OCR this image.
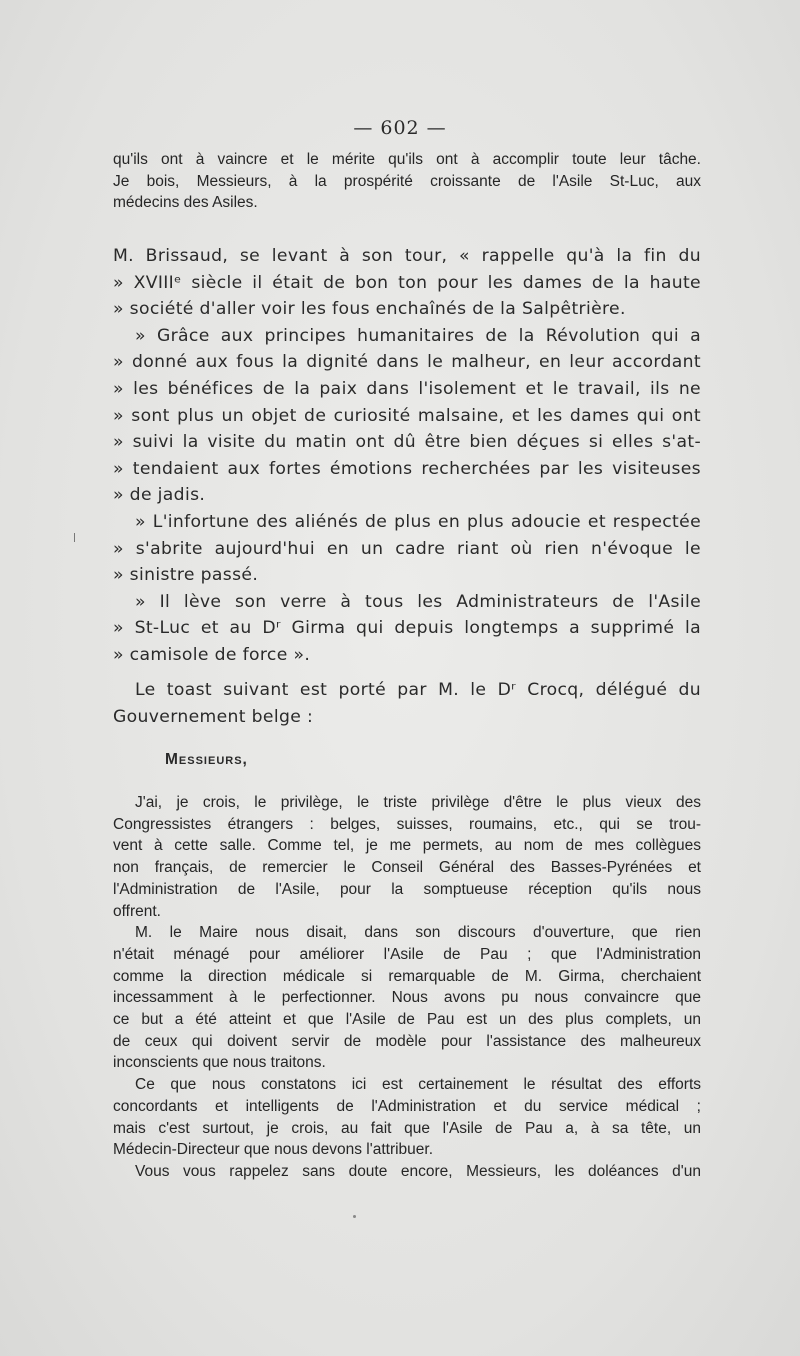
— 602 —
qu'ils ont à vaincre et le mérite qu'ils ont à accomplir toute leur tâche.
Je bois, Messieurs, à la prospérité croissante de l'Asile St-Luc, aux
médecins des Asiles.
M. Brissaud, se levant à son tour, « rappelle qu'à la fin du
» XVIIIᵉ siècle il était de bon ton pour les dames de la haute
» société d'aller voir les fous enchaînés de la Salpêtrière.
» Grâce aux principes humanitaires de la Révolution qui a
» donné aux fous la dignité dans le malheur, en leur accordant
» les bénéfices de la paix dans l'isolement et le travail, ils ne
» sont plus un objet de curiosité malsaine, et les dames qui ont
» suivi la visite du matin ont dû être bien déçues si elles s'at-
» tendaient aux fortes émotions recherchées par les visiteuses
» de jadis.
» L'infortune des aliénés de plus en plus adoucie et respectée
» s'abrite aujourd'hui en un cadre riant où rien n'évoque le
» sinistre passé.
» Il lève son verre à tous les Administrateurs de l'Asile
» St-Luc et au Dʳ Girma qui depuis longtemps a supprimé la
» camisole de force ».
Le toast suivant est porté par M. le Dʳ Crocq, délégué du
Gouvernement belge :
Messieurs,
J'ai, je crois, le privilège, le triste privilège d'être le plus vieux des
Congressistes étrangers : belges, suisses, roumains, etc., qui se trou-
vent à cette salle. Comme tel, je me permets, au nom de mes collègues
non français, de remercier le Conseil Général des Basses-Pyrénées et
l'Administration de l'Asile, pour la somptueuse réception qu'ils nous
offrent.
M. le Maire nous disait, dans son discours d'ouverture, que rien
n'était ménagé pour améliorer l'Asile de Pau ; que l'Administration
comme la direction médicale si remarquable de M. Girma, cherchaient
incessamment à le perfectionner. Nous avons pu nous convaincre que
ce but a été atteint et que l'Asile de Pau est un des plus complets, un
de ceux qui doivent servir de modèle pour l'assistance des malheureux
inconscients que nous traitons.
Ce que nous constatons ici est certainement le résultat des efforts
concordants et intelligents de l'Administration et du service médical ;
mais c'est surtout, je crois, au fait que l'Asile de Pau a, à sa tête, un
Médecin-Directeur que nous devons l'attribuer.
Vous vous rappelez sans doute encore, Messieurs, les doléances d'un
